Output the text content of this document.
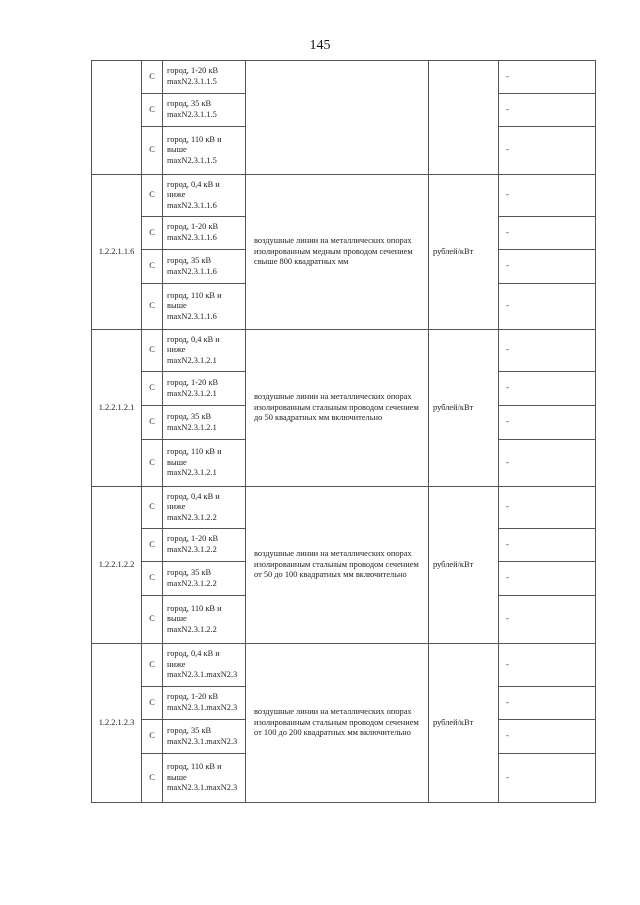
145
	С	город, 1-20 кВ
maxN2.3.1.1.5			-
	С	город, 35 кВ
maxN2.3.1.1.5			-
	С	город, 110 кВ и
выше
maxN2.3.1.1.5			-
1.2.2.1.1.6	С	город, 0,4 кВ и
ниже
maxN2.3.1.1.6	воздушные линии на металлических опорах изолированным медным проводом сечением свыше 800 квадратных мм	рублей/кВт	-
	С	город, 1-20 кВ
maxN2.3.1.1.6			-
	С	город, 35 кВ
maxN2.3.1.1.6			-
	С	город, 110 кВ и
выше
maxN2.3.1.1.6			-
1.2.2.1.2.1	С	город, 0,4 кВ и
ниже
maxN2.3.1.2.1	воздушные линии на металлических опорах изолированным стальным проводом сечением до 50 квадратных мм включительно	рублей/кВт	-
	С	город, 1-20 кВ
maxN2.3.1.2.1			-
	С	город, 35 кВ
maxN2.3.1.2.1			-
	С	город, 110 кВ и
выше
maxN2.3.1.2.1			-
1.2.2.1.2.2	С	город, 0,4 кВ и
ниже
maxN2.3.1.2.2	воздушные линии на металлических опорах изолированным стальным проводом сечением от 50 до 100 квадратных мм включительно	рублей/кВт	-
	С	город, 1-20 кВ
maxN2.3.1.2.2			-
	С	город, 35 кВ
maxN2.3.1.2.2			-
	С	город, 110 кВ и
выше
maxN2.3.1.2.2			-
1.2.2.1.2.3	С	город, 0,4 кВ и
ниже
maxN2.3.1.maxN2.3	воздушные линии на металлических опорах изолированным стальным проводом сечением от 100 до 200 квадратных мм включительно	рублей/кВт	-
	С	город, 1-20 кВ
maxN2.3.1.maxN2.3			-
	С	город, 35 кВ
maxN2.3.1.maxN2.3			-
	С	город, 110 кВ и
выше
maxN2.3.1.maxN2.3			-
